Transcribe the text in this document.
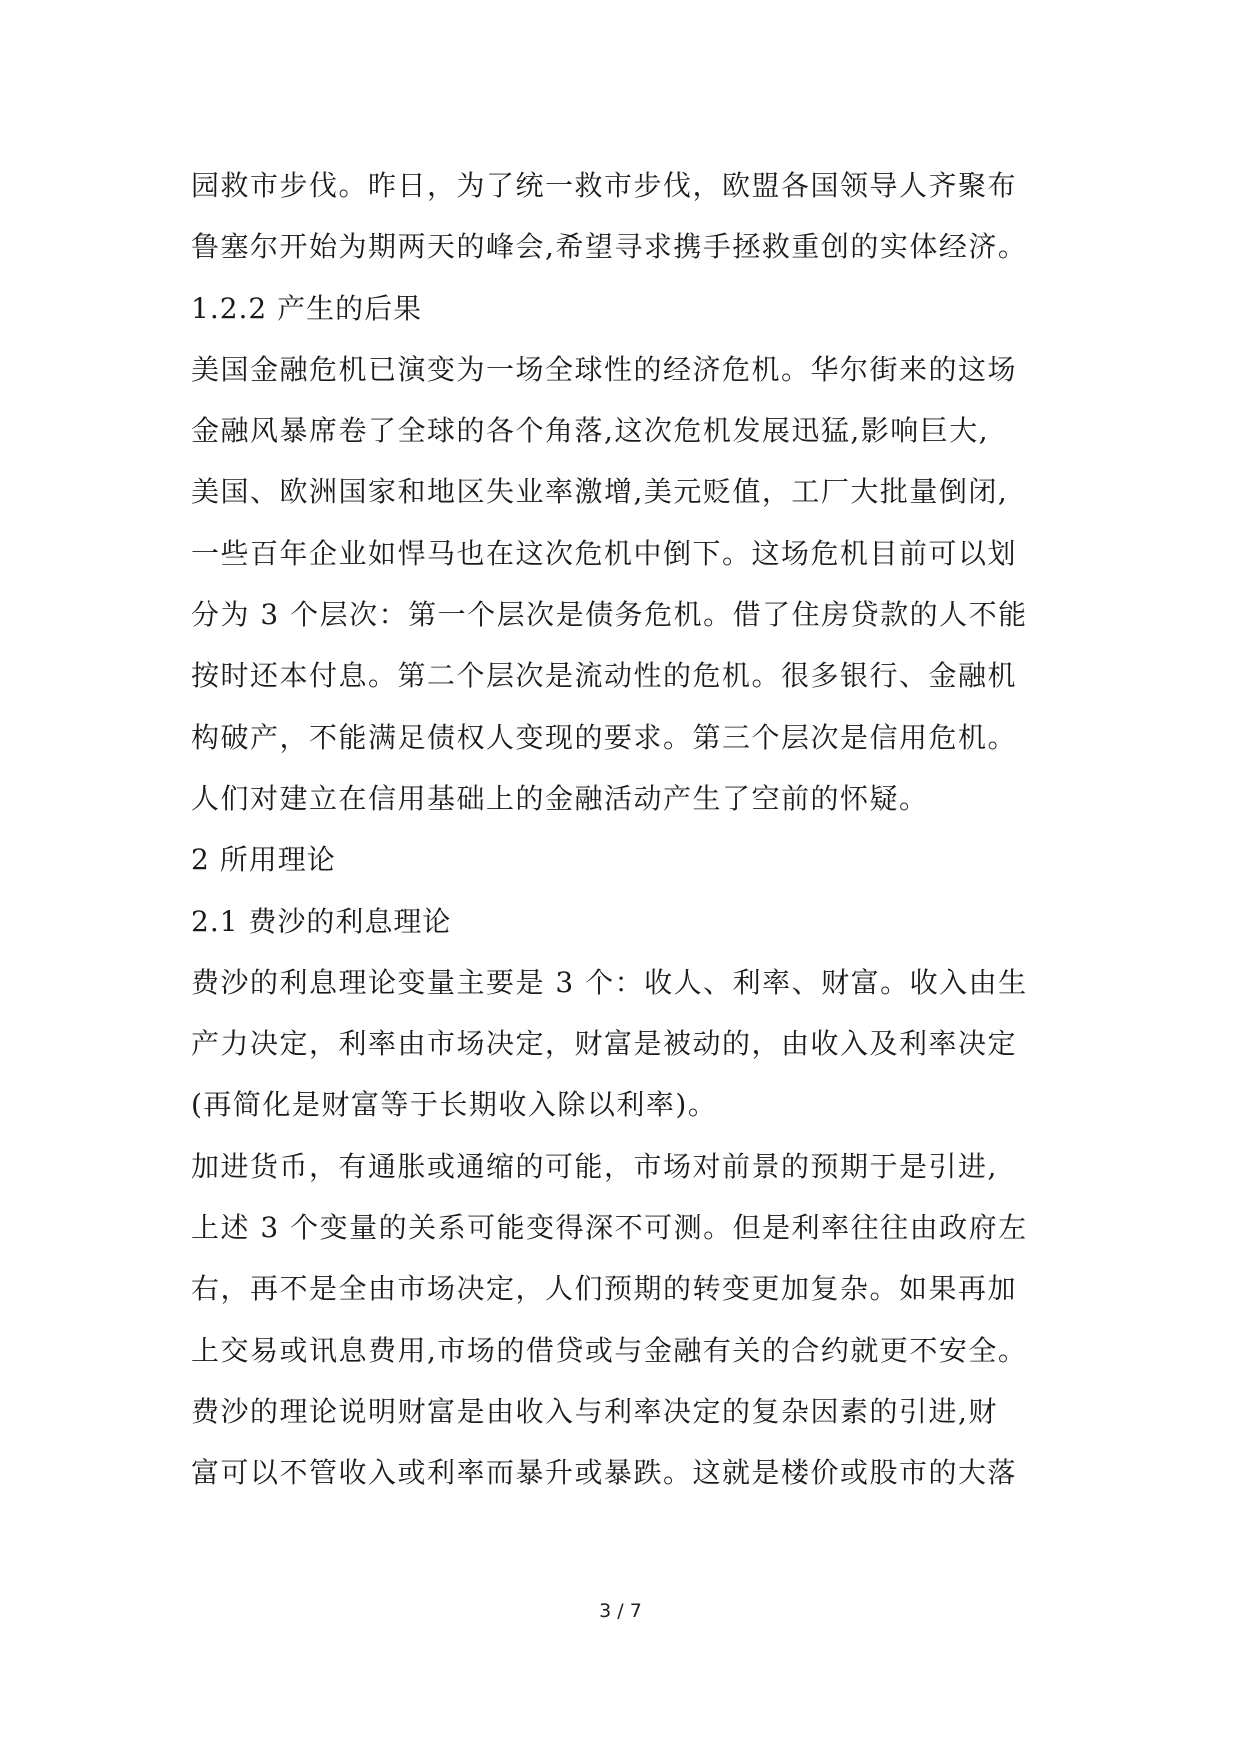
园救市步伐。昨日，为了统一救市步伐，欧盟各国领导人齐聚布
鲁塞尔开始为期两天的峰会,希望寻求携手拯救重创的实体经济。
1.2.2 产生的后果
美国金融危机已演变为一场全球性的经济危机。华尔街来的这场
金融风暴席卷了全球的各个角落,这次危机发展迅猛,影响巨大,
美国、欧洲国家和地区失业率激增,美元贬值，工厂大批量倒闭,
一些百年企业如悍马也在这次危机中倒下。这场危机目前可以划
分为 3 个层次：第一个层次是债务危机。借了住房贷款的人不能
按时还本付息。第二个层次是流动性的危机。很多银行、金融机
构破产，不能满足债权人变现的要求。第三个层次是信用危机。
人们对建立在信用基础上的金融活动产生了空前的怀疑。
2 所用理论
2.1 费沙的利息理论
费沙的利息理论变量主要是 3 个：收人、利率、财富。收入由生
产力决定，利率由市场决定，财富是被动的，由收入及利率决定
(再简化是财富等于长期收入除以利率)。
加进货币，有通胀或通缩的可能，市场对前景的预期于是引进,
上述 3 个变量的关系可能变得深不可测。但是利率往往由政府左
右，再不是全由市场决定，人们预期的转变更加复杂。如果再加
上交易或讯息费用,市场的借贷或与金融有关的合约就更不安全。
费沙的理论说明财富是由收入与利率决定的复杂因素的引进,财
富可以不管收入或利率而暴升或暴跌。这就是楼价或股市的大落
3 / 7
